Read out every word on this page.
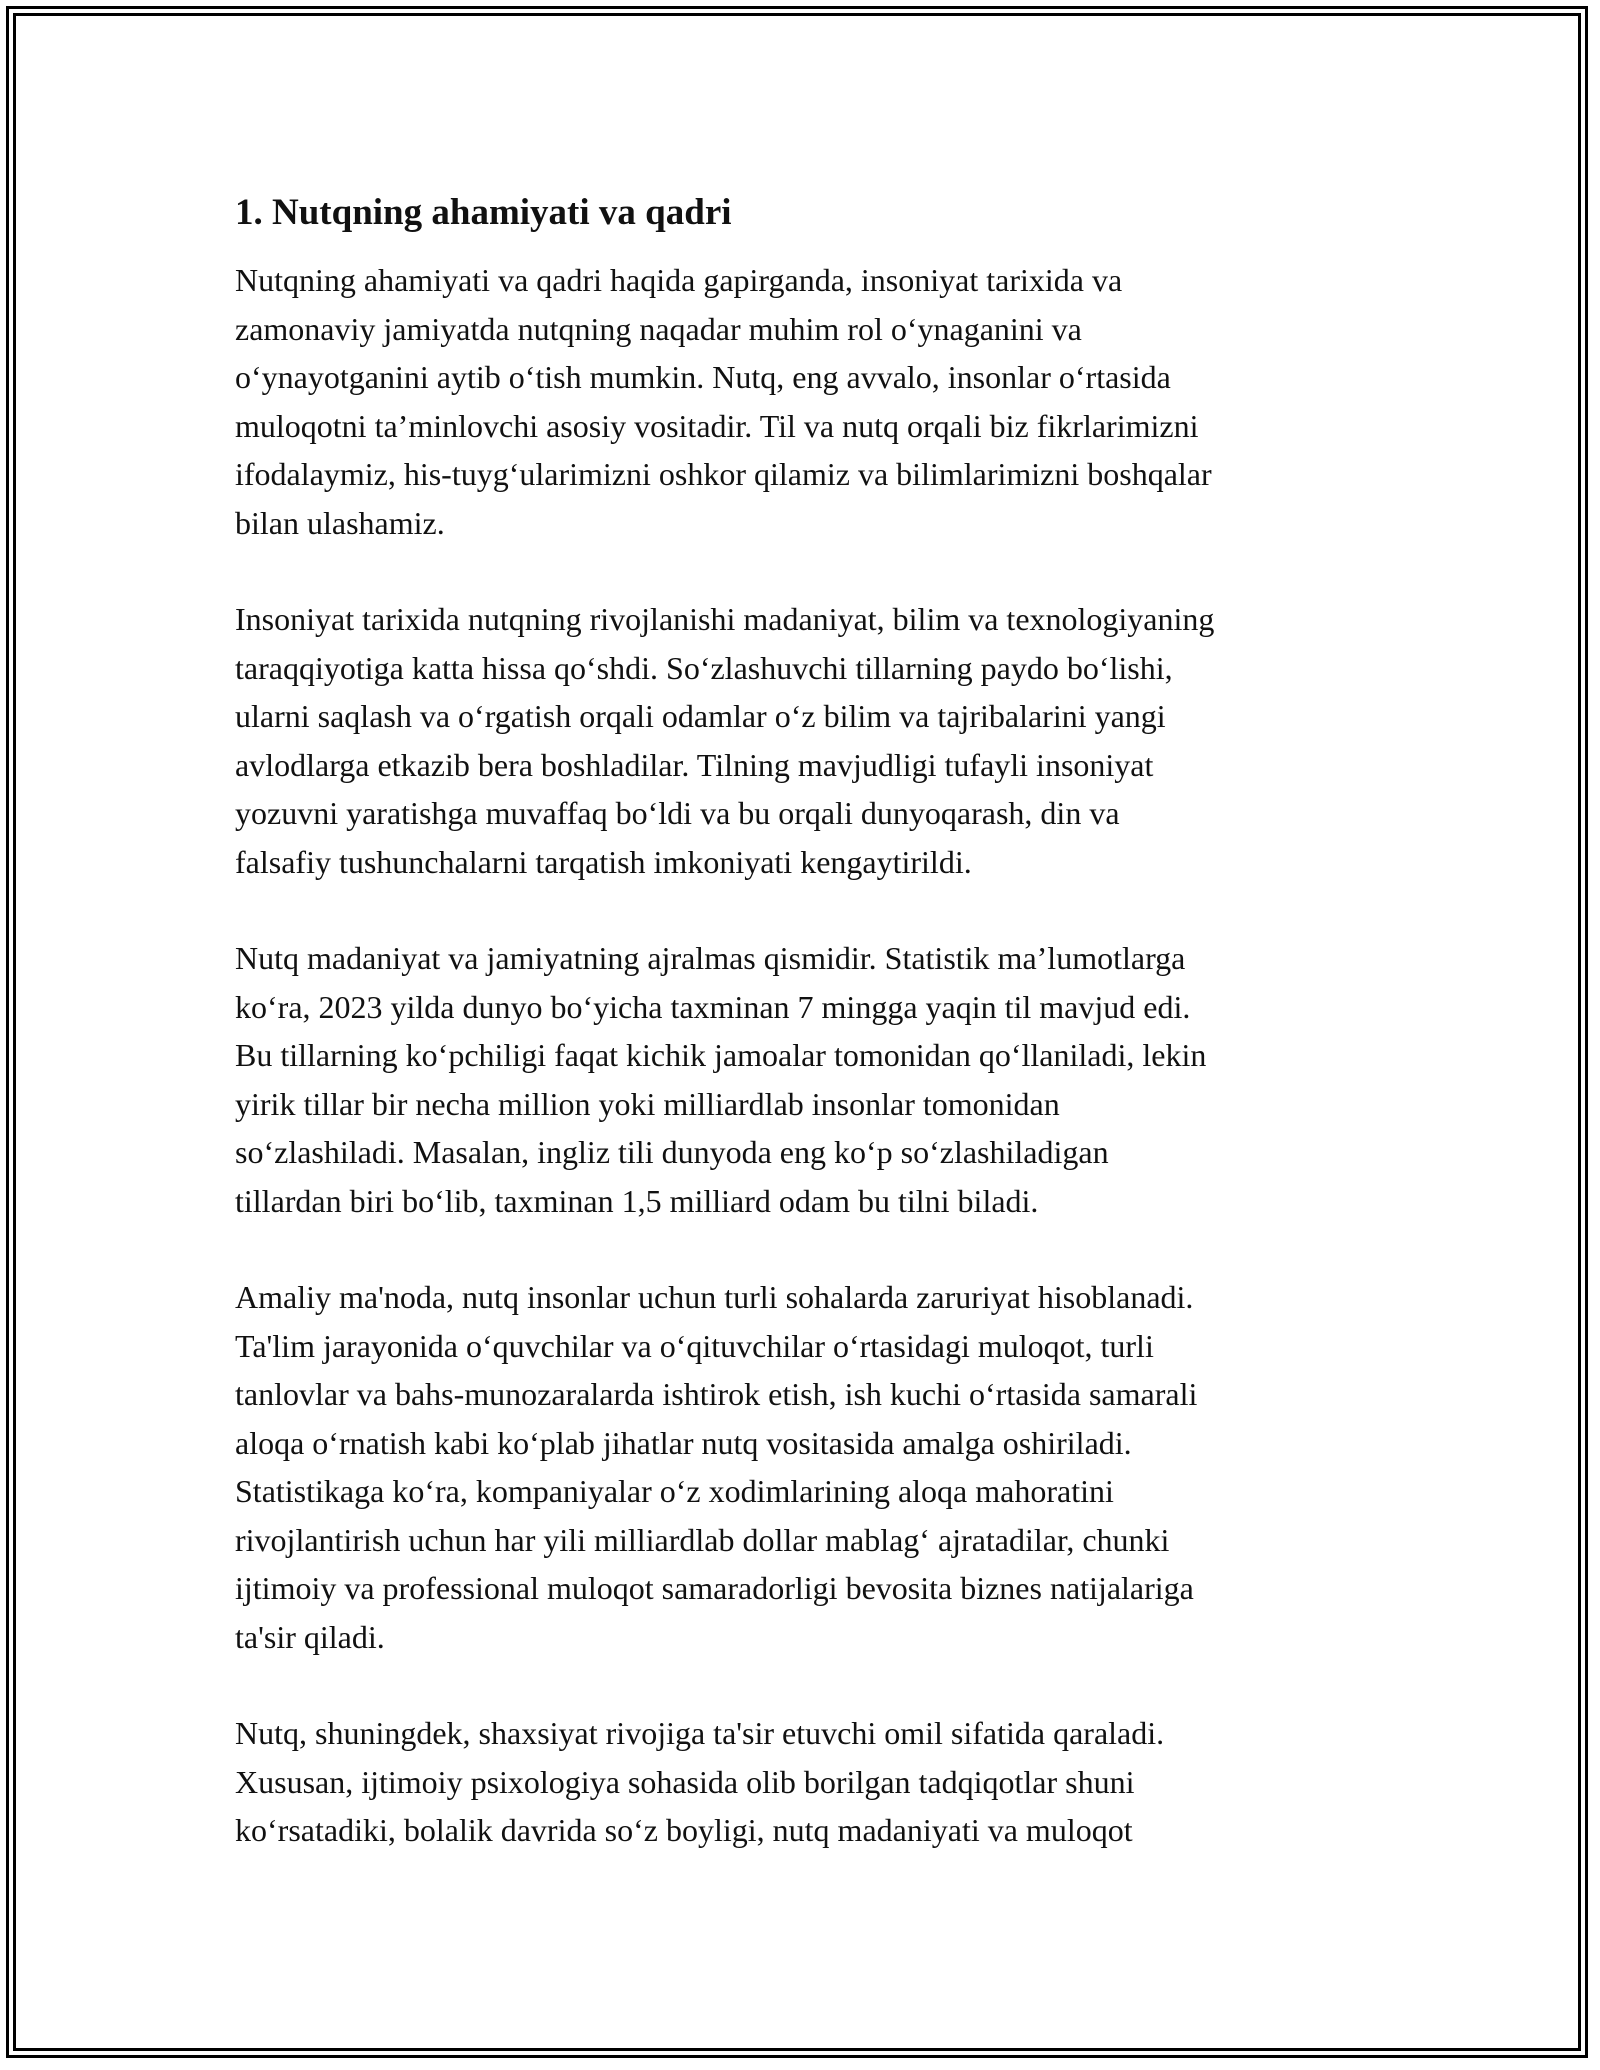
1. Nutqning ahamiyati va qadri

Nutqning ahamiyati va qadri haqida gapirganda, insoniyat tarixida va
zamonaviy jamiyatda nutqning naqadar muhim rol o‘ynaganini va
o‘ynayotganini aytib o‘tish mumkin. Nutq, eng avvalo, insonlar o‘rtasida
muloqotni ta’minlovchi asosiy vositadir. Til va nutq orqali biz fikrlarimizni
ifodalaymiz, his-tuyg‘ularimizni oshkor qilamiz va bilimlarimizni boshqalar
bilan ulashamiz.

Insoniyat tarixida nutqning rivojlanishi madaniyat, bilim va texnologiyaning
taraqqiyotiga katta hissa qo‘shdi. So‘zlashuvchi tillarning paydo bo‘lishi,
ularni saqlash va o‘rgatish orqali odamlar o‘z bilim va tajribalarini yangi
avlodlarga etkazib bera boshladilar. Tilning mavjudligi tufayli insoniyat
yozuvni yaratishga muvaffaq bo‘ldi va bu orqali dunyoqarash, din va
falsafiy tushunchalarni tarqatish imkoniyati kengaytirildi.

Nutq madaniyat va jamiyatning ajralmas qismidir. Statistik ma’lumotlarga
ko‘ra, 2023 yilda dunyo bo‘yicha taxminan 7 mingga yaqin til mavjud edi.
Bu tillarning ko‘pchiligi faqat kichik jamoalar tomonidan qo‘llaniladi, lekin
yirik tillar bir necha million yoki milliardlab insonlar tomonidan
so‘zlashiladi. Masalan, ingliz tili dunyoda eng ko‘p so‘zlashiladigan
tillardan biri bo‘lib, taxminan 1,5 milliard odam bu tilni biladi.

Amaliy ma'noda, nutq insonlar uchun turli sohalarda zaruriyat hisoblanadi.
Ta'lim jarayonida o‘quvchilar va o‘qituvchilar o‘rtasidagi muloqot, turli
tanlovlar va bahs-munozaralarda ishtirok etish, ish kuchi o‘rtasida samarali
aloqa o‘rnatish kabi ko‘plab jihatlar nutq vositasida amalga oshiriladi.
Statistikaga ko‘ra, kompaniyalar o‘z xodimlarining aloqa mahoratini
rivojlantirish uchun har yili milliardlab dollar mablag‘ ajratadilar, chunki
ijtimoiy va professional muloqot samaradorligi bevosita biznes natijalariga
ta'sir qiladi.

Nutq, shuningdek, shaxsiyat rivojiga ta'sir etuvchi omil sifatida qaraladi.
Xususan, ijtimoiy psixologiya sohasida olib borilgan tadqiqotlar shuni
ko‘rsatadiki, bolalik davrida so‘z boyligi, nutq madaniyati va muloqot
